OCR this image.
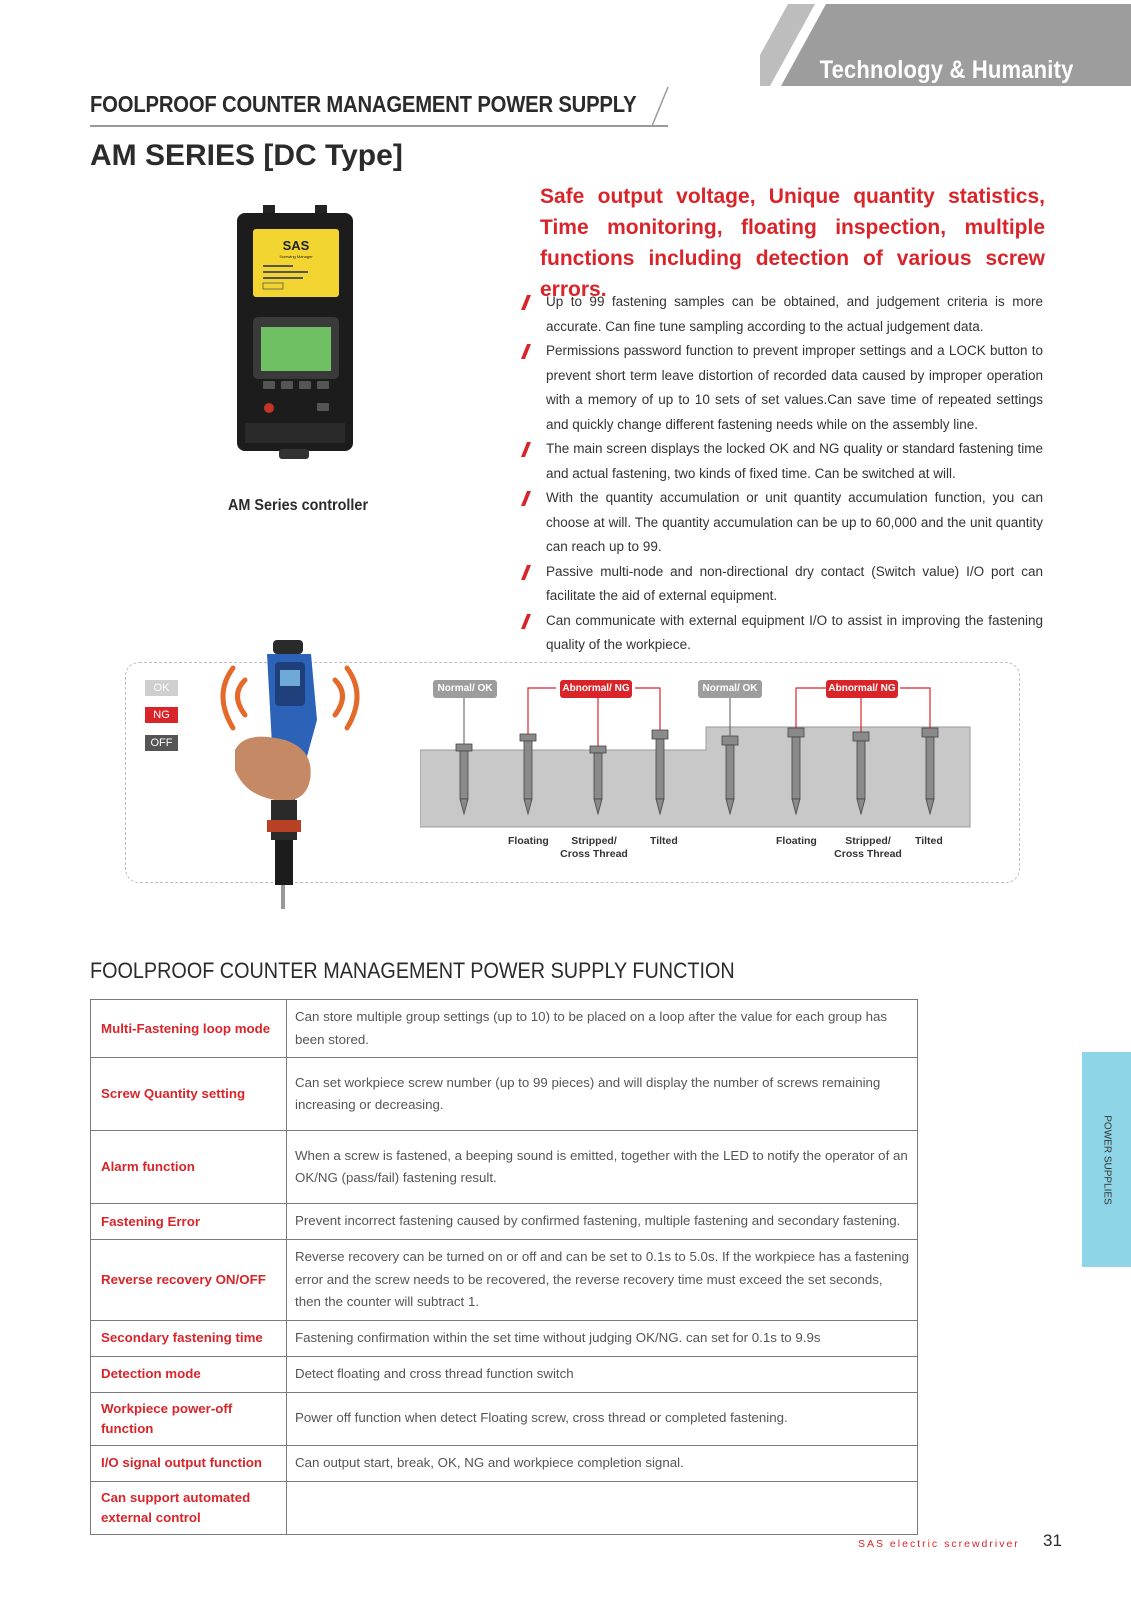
Technology & Humanity
FOOLPROOF COUNTER MANAGEMENT POWER SUPPLY
AM SERIES [DC Type]
SAS
Screwing Manager
AM Series controller
Safe output voltage, Unique quantity statistics, Time monitoring, floating inspection, multiple functions including detection of various screw errors.
Up to 99 fastening samples can be obtained, and judgement criteria is more accurate. Can fine tune sampling according to the actual judgement data.
Permissions password function to prevent improper settings and a LOCK button to prevent short term leave distortion of recorded data caused by improper operation with a memory of up to 10 sets of set values.Can save time of repeated settings and quickly change different fastening needs while on the assembly line.
The main screen displays the locked OK and NG quality or standard fastening time and actual fastening, two kinds of fixed time. Can be switched at will.
With the quantity accumulation or unit quantity accumulation function, you can choose at will. The quantity accumulation can be up to 60,000 and the unit quantity can reach up to 99.
Passive multi-node and non-directional dry contact (Switch value) I/O port can facilitate the aid of external equipment.
Can communicate with external equipment I/O to assist in improving the fastening quality of the workpiece.
OK
NG
OFF
Normal/ OK	Abnormal/ NG	Normal/ OK	Abnormal/ NG
Floating	Stripped/ Cross Thread
Tilted	Floating	Stripped/ Cross Thread
Tilted
FOOLPROOF COUNTER MANAGEMENT POWER SUPPLY FUNCTION
Multi-Fastening loop mode	Can store multiple group settings (up to 10) to be placed on a loop after the value for each group has been stored.
Screw Quantity setting	Can set workpiece screw number (up to 99 pieces) and will display the number of screws remaining increasing or decreasing.
Alarm function	When a screw is fastened, a beeping sound is emitted, together with the LED to notify the operator of an OK/NG (pass/fail) fastening result.
Fastening Error	Prevent incorrect fastening caused by confirmed fastening, multiple fastening and secondary fastening.
Reverse recovery ON/OFF	Reverse recovery can be turned on or off and can be set to 0.1s to 5.0s. If the workpiece has a fastening error and the screw needs to be recovered, the reverse recovery time must exceed the set seconds, then the counter will subtract 1.
Secondary fastening time	Fastening confirmation within the set time without judging OK/NG. can set for 0.1s to 9.9s
Detection mode	Detect floating and cross thread function switch
Workpiece power-off function	Power off function when detect Floating screw, cross thread or completed fastening.
I/O signal output function	Can output start, break, OK, NG and workpiece completion signal.
Can support automated external control	
POWER SUPPLIES
SAS electric screwdriver 31
